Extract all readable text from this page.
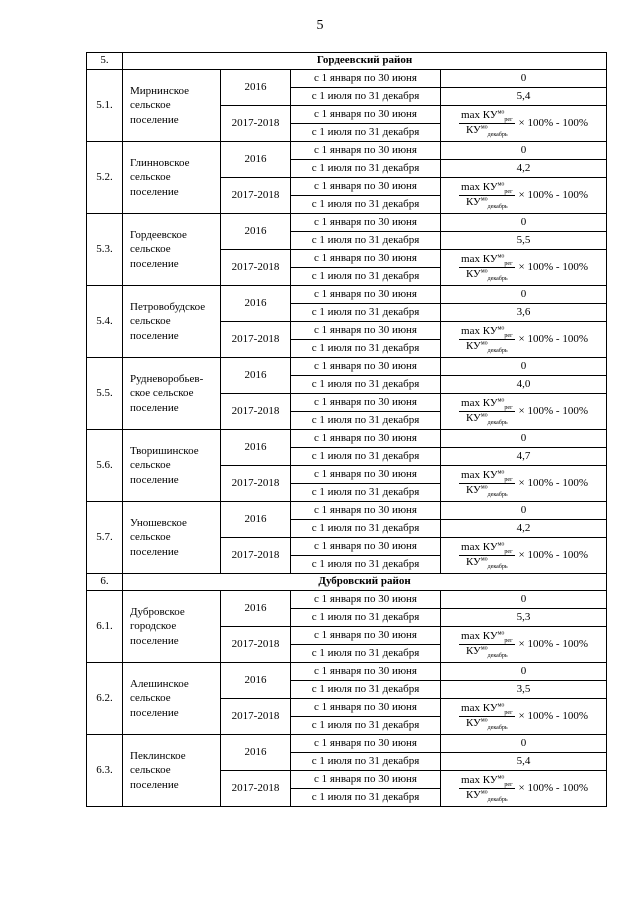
5
5.	Гордеевский район			
5.1.	Мирнинское сельское поселение	2016	с 1 января по 30 июня	0
			с 1 июля по 31 декабря	5,4
		2017-2018	с 1 января по 30 июня	$\frac{\max КУ^{мо}_{рег}}{КУ^{мо}_{декабрь}} \times 100\% - 100\%$

			с 1 июля по 31 декабря	
5.2.	Глинновское сельское поселение	2016	с 1 января по 30 июня	0
			с 1 июля по 31 декабря	4,2
		2017-2018	с 1 января по 30 июня	$\frac{\max КУ^{мо}_{рег}}{КУ^{мо}_{декабрь}} \times 100\% - 100\%$

			с 1 июля по 31 декабря	
5.3.	Гордеевское сельское поселение	2016	с 1 января по 30 июня	0
			с 1 июля по 31 декабря	5,5
		2017-2018	с 1 января по 30 июня	$\frac{\max КУ^{мо}_{рег}}{КУ^{мо}_{декабрь}} \times 100\% - 100\%$

			с 1 июля по 31 декабря	
5.4.	Петровобудское сельское поселение	2016	с 1 января по 30 июня	0
			с 1 июля по 31 декабря	3,6
		2017-2018	с 1 января по 30 июня	$\frac{\max КУ^{мо}_{рег}}{КУ^{мо}_{декабрь}} \times 100\% - 100\%$

			с 1 июля по 31 декабря	
5.5.	Рудневоробьев-ское сельское поселение	2016	с 1 января по 30 июня	0
			с 1 июля по 31 декабря	4,0
		2017-2018	с 1 января по 30 июня	$\frac{\max КУ^{мо}_{рег}}{КУ^{мо}_{декабрь}} \times 100\% - 100\%$

			с 1 июля по 31 декабря	
5.6.	Творишинское сельское поселение	2016	с 1 января по 30 июня	0
			с 1 июля по 31 декабря	4,7
		2017-2018	с 1 января по 30 июня	$\frac{\max КУ^{мо}_{рег}}{КУ^{мо}_{декабрь}} \times 100\% - 100\%$

			с 1 июля по 31 декабря	
5.7.	Уношевское сельское поселение	2016	с 1 января по 30 июня	0
			с 1 июля по 31 декабря	4,2
		2017-2018	с 1 января по 30 июня	$\frac{\max КУ^{мо}_{рег}}{КУ^{мо}_{декабрь}} \times 100\% - 100\%$

			с 1 июля по 31 декабря	
6.	Дубровский район			
6.1.	Дубровское городское поселение	2016	с 1 января по 30 июня	0
			с 1 июля по 31 декабря	5,3
		2017-2018	с 1 января по 30 июня	$\frac{\max КУ^{мо}_{рег}}{КУ^{мо}_{декабрь}} \times 100\% - 100\%$

			с 1 июля по 31 декабря	
6.2.	Алешинское сельское поселение	2016	с 1 января по 30 июня	0
			с 1 июля по 31 декабря	3,5
		2017-2018	с 1 января по 30 июня	$\frac{\max КУ^{мо}_{рег}}{КУ^{мо}_{декабрь}} \times 100\% - 100\%$

			с 1 июля по 31 декабря	
6.3.	Пеклинское сельское поселение	2016	с 1 января по 30 июня	0
			с 1 июля по 31 декабря	5,4
		2017-2018	с 1 января по 30 июня	$\frac{\max КУ^{мо}_{рег}}{КУ^{мо}_{декабрь}} \times 100\% - 100\%$

			с 1 июля по 31 декабря	
